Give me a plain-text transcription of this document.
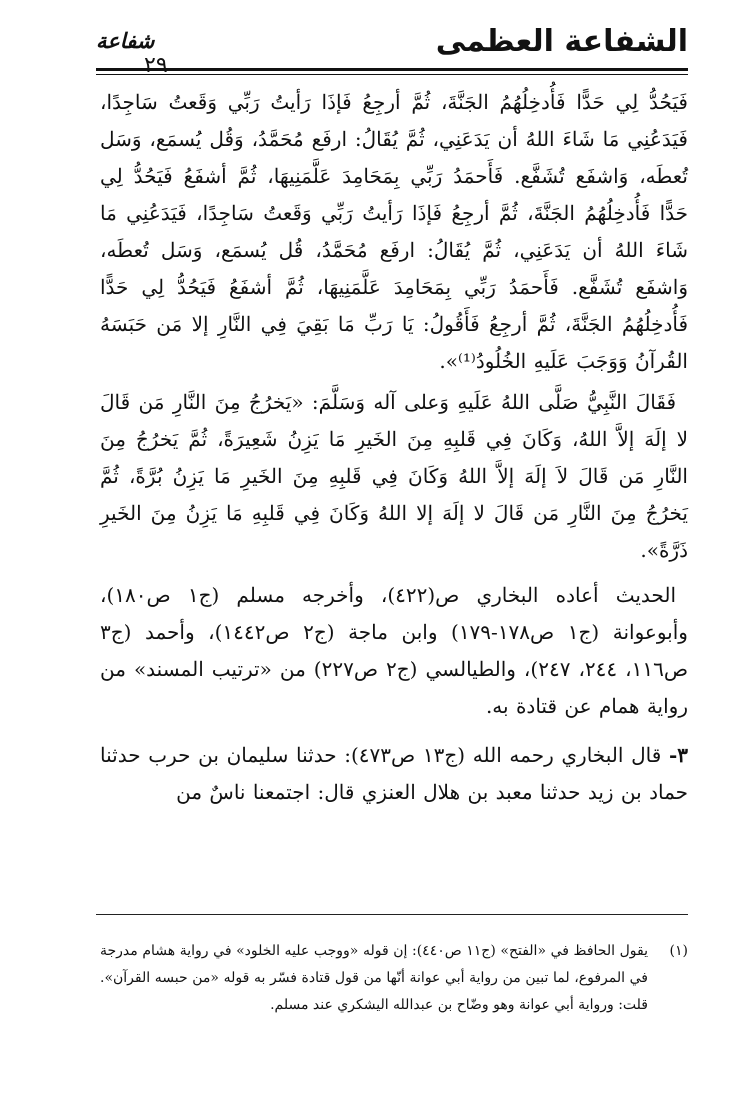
الشفاعة العظمى
شفاعة
٢٩

فَيَحُدُّ لِي حَدًّا فَأُدخِلُهُمُ الجَنَّةَ، ثُمَّ أرجِعُ فَإذَا رَأيتُ رَبِّي وَقَعتُ سَاجِدًا، فَيَدَعُنِي مَا شَاءَ اللهُ أن يَدَعَنِي، ثُمَّ يُقَالُ: ارفَع مُحَمَّدُ، وَقُل يُسمَع، وَسَل تُعطَه، وَاشفَع تُشَفَّع. فَأَحمَدُ رَبِّي بِمَحَامِدَ عَلَّمَنِيهَا، ثُمَّ أشفَعُ فَيَحُدُّ لِي حَدًّا فَأُدخِلُهُمُ الجَنَّةَ، ثُمَّ أرجِعُ فَإذَا رَأيتُ رَبِّي وَقَعتُ سَاجِدًا، فَيَدَعُنِي مَا شَاءَ اللهُ أن يَدَعَنِي، ثُمَّ يُقَالُ: ارفَع مُحَمَّدُ، قُل يُسمَع، وَسَل تُعطَه، وَاشفَع تُشَفَّع. فَأَحمَدُ رَبِّي بِمَحَامِدَ عَلَّمَنِيهَا، ثُمَّ أشفَعُ فَيَحُدُّ لِي حَدًّا فَأُدخِلُهُمُ الجَنَّةَ، ثُمَّ أرجِعُ فَأَقُولُ: يَا رَبِّ مَا بَقِيَ فِي النَّارِ إلا مَن حَبَسَهُ القُرآنُ وَوَجَبَ عَلَيهِ الخُلُودُ⁽¹⁾».

فَقَالَ النَّبِيُّ صَلَّى اللهُ عَلَيهِ وَعلى آله وَسَلَّمَ: «يَخرُجُ مِنَ النَّارِ مَن قَالَ لا إلَهَ إلاَّ اللهُ، وَكَانَ فِي قَلبِهِ مِنَ الخَيرِ مَا يَزِنُ شَعِيرَةً، ثُمَّ يَخرُجُ مِنَ النَّارِ مَن قَالَ لاَ إلَهَ إلاَّ اللهُ وَكَانَ فِي قَلبِهِ مِنَ الخَيرِ مَا يَزِنُ بُرَّةً، ثُمَّ يَخرُجُ مِنَ النَّارِ مَن قَالَ لا إلَهَ إلا اللهُ وَكَانَ فِي قَلبِهِ مَا يَزِنُ مِنَ الخَيرِ ذَرَّةً».

الحديث أعاده البخاري ص(٤٢٢)، وأخرجه مسلم (ج١ ص١٨٠)، وأبوعوانة (ج١ ص١٧٨-١٧٩) وابن ماجة (ج٢ ص١٤٤٢)، وأحمد (ج٣ ص١١٦، ٢٤٤، ٢٤٧)، والطيالسي (ج٢ ص٢٢٧) من «ترتيب المسند» من رواية همام عن قتادة به.

٣- قال البخاري رحمه الله (ج١٣ ص٤٧٣): حدثنا سليمان بن حرب حدثنا حماد بن زيد حدثنا معبد بن هلال العنزي قال: اجتمعنا ناسٌ من

(١)

يقول الحافظ في «الفتح» (ج١١ ص٤٤٠): إن قوله «ووجب عليه الخلود» في رواية هشام مدرجة في المرفوع، لما تبين من رواية أبي عوانة أنّها من قول قتادة فسّر به قوله «من حبسه القرآن». قلت: ورواية أبي عوانة وهو وضّاح بن عبدالله اليشكري عند مسلم.
